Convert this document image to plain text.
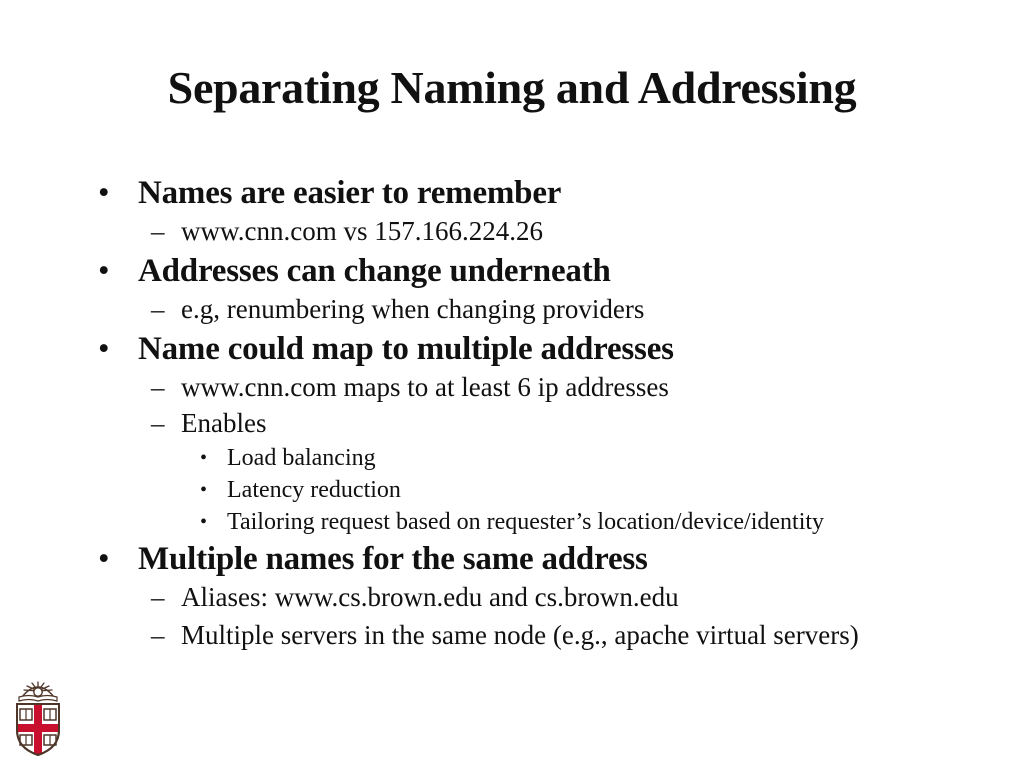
Separating Naming and Addressing
• Names are easier to remember
– www.cnn.com vs 157.166.224.26
• Addresses can change underneath
– e.g, renumbering when changing providers
• Name could map to multiple addresses
– www.cnn.com maps to at least 6 ip addresses
– Enables
• Load balancing
• Latency reduction
• Tailoring request based on requester’s location/device/identity
• Multiple names for the same address
– Aliases: www.cs.brown.edu and cs.brown.edu
– Multiple servers in the same node (e.g., apache virtual servers)
